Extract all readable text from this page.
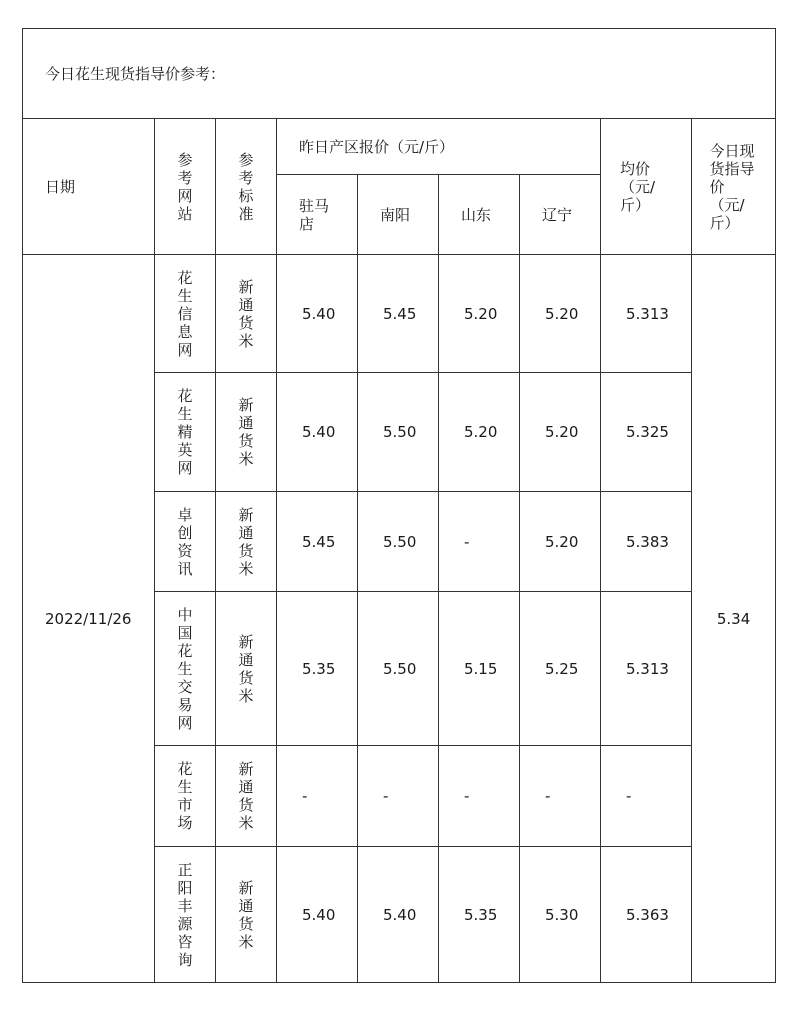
今日花生现货指导价参考：								
日期	参考网站	参考标准	昨日产区报价（元/斤）				均价（元/斤）	今日现货指导价（元/斤）
			驻马店	南阳	山东	辽宁		
2022/11/26	花生信息网	新通货米	5.40	5.45	5.20	5.20	5.313	5.34
	花生精英网	新通货米	5.40	5.50	5.20	5.20	5.325	
	卓创资讯	新通货米	5.45	5.50	-	5.20	5.383	
	中国花生交易网	新通货米	5.35	5.50	5.15	5.25	5.313	
	花生市场	新通货米	-	-	-	-	-	
	正阳丰源咨询	新通货米	5.40	5.40	5.35	5.30	5.363	
